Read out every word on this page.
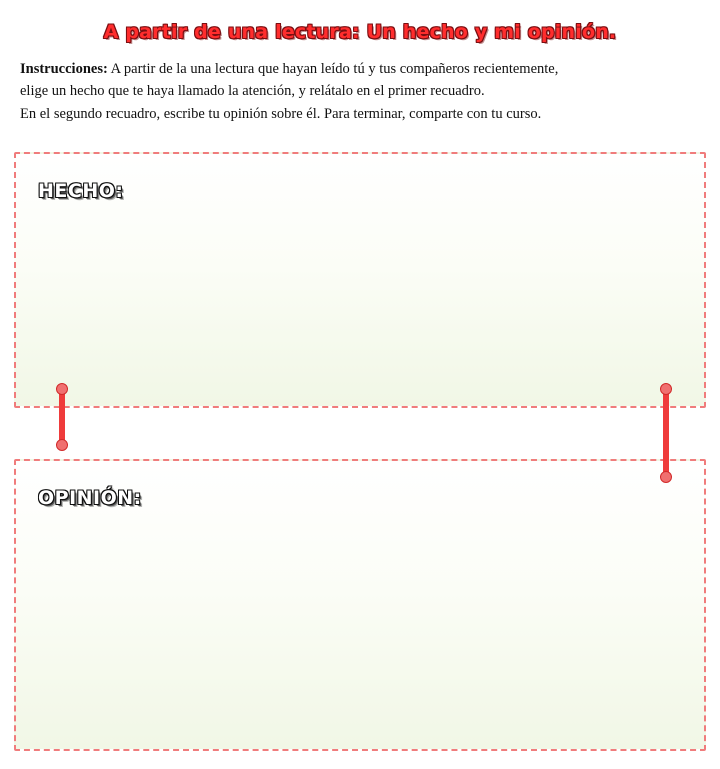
A partir de una lectura: Un hecho y mi opinión.
Instrucciones: A partir de la una lectura que hayan leído tú y tus compañeros recientemente,
elige un hecho que te haya llamado la atención, y relátalo en el primer recuadro.
En el segundo recuadro, escribe tu opinión sobre él. Para terminar, comparte con tu curso.
HECHO:
OPINIÓN:
